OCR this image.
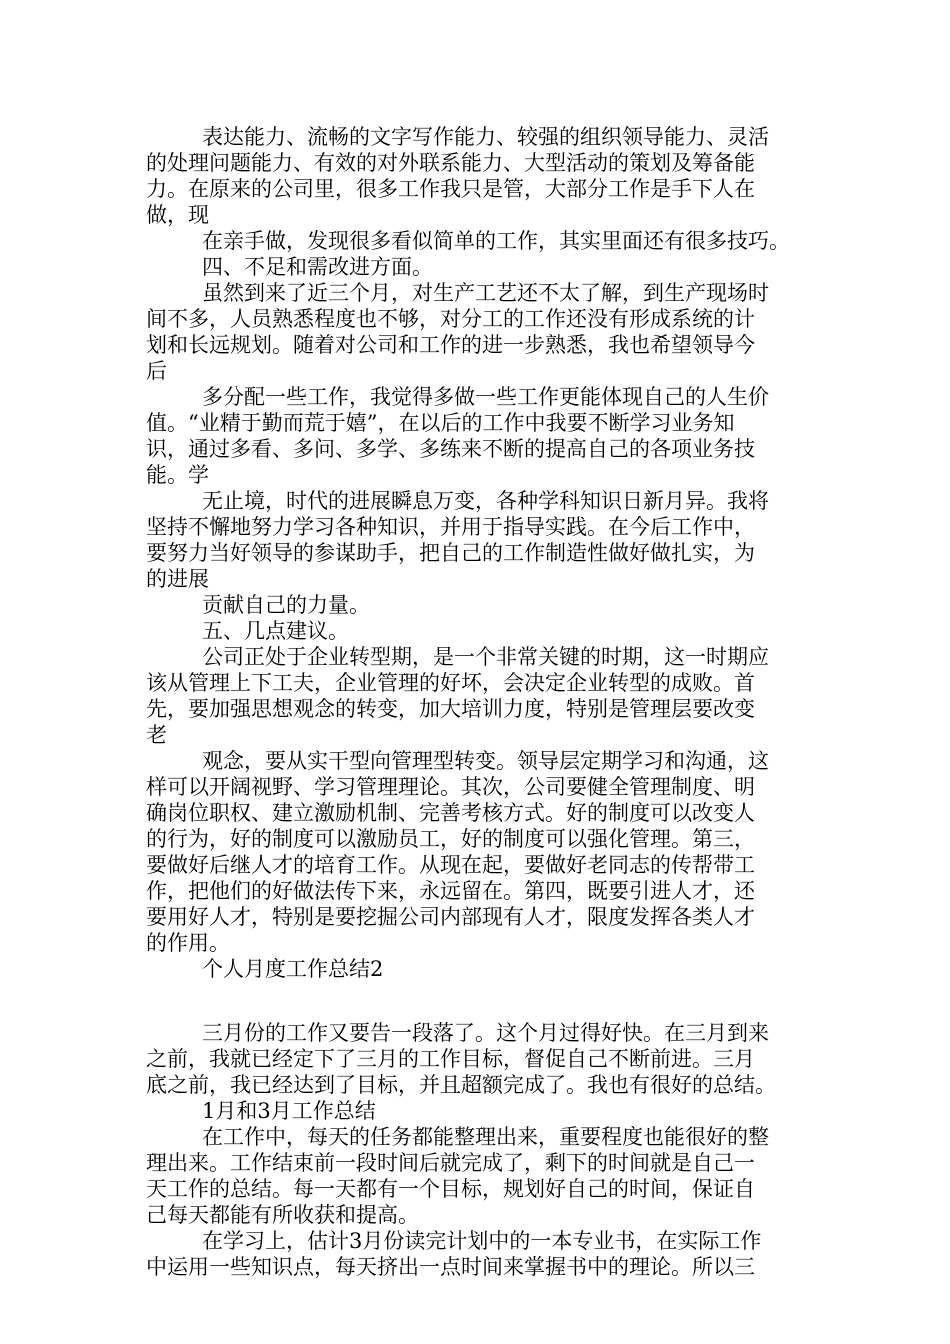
表达能力、流畅的文字写作能力、较强的组织领导能力、灵活

的处理问题能力、有效的对外联系能力、大型活动的策划及筹备能

力。在原来的公司里，很多工作我只是管，大部分工作是手下人在

做，现

在亲手做，发现很多看似简单的工作，其实里面还有很多技巧。

四、不足和需改进方面。

虽然到来了近三个月，对生产工艺还不太了解，到生产现场时

间不多，人员熟悉程度也不够，对分工的工作还没有形成系统的计

划和长远规划。随着对公司和工作的进一步熟悉，我也希望领导今

后

多分配一些工作，我觉得多做一些工作更能体现自己的人生价

值。“业精于勤而荒于嬉”，在以后的工作中我要不断学习业务知

识，通过多看、多问、多学、多练来不断的提高自己的各项业务技

能。学

无止境，时代的进展瞬息万变，各种学科知识日新月异。我将

坚持不懈地努力学习各种知识，并用于指导实践。在今后工作中，

要努力当好领导的参谋助手，把自己的工作制造性做好做扎实，为

的进展

贡献自己的力量。

五、几点建议。

公司正处于企业转型期，是一个非常关键的时期，这一时期应

该从管理上下工夫，企业管理的好坏，会决定企业转型的成败。首

先，要加强思想观念的转变，加大培训力度，特别是管理层要改变

老

观念，要从实干型向管理型转变。领导层定期学习和沟通，这

样可以开阔视野、学习管理理论。其次，公司要健全管理制度、明

确岗位职权、建立激励机制、完善考核方式。好的制度可以改变人

的行为，好的制度可以激励员工，好的制度可以强化管理。第三，

要做好后继人才的培育工作。从现在起，要做好老同志的传帮带工

作，把他们的好做法传下来，永远留在。第四，既要引进人才，还

要用好人才，特别是要挖掘公司内部现有人才，限度发挥各类人才

的作用。

个人月度工作总结2

三月份的工作又要告一段落了。这个月过得好快。在三月到来

之前，我就已经定下了三月的工作目标，督促自己不断前进。三月

底之前，我已经达到了目标，并且超额完成了。我也有很好的总结。

1月和3月工作总结

在工作中，每天的任务都能整理出来，重要程度也能很好的整

理出来。工作结束前一段时间后就完成了，剩下的时间就是自己一

天工作的总结。每一天都有一个目标，规划好自己的时间，保证自

己每天都能有所收获和提高。

在学习上，估计3月份读完计划中的一本专业书，在实际工作

中运用一些知识点，每天挤出一点时间来掌握书中的理论。所以三
